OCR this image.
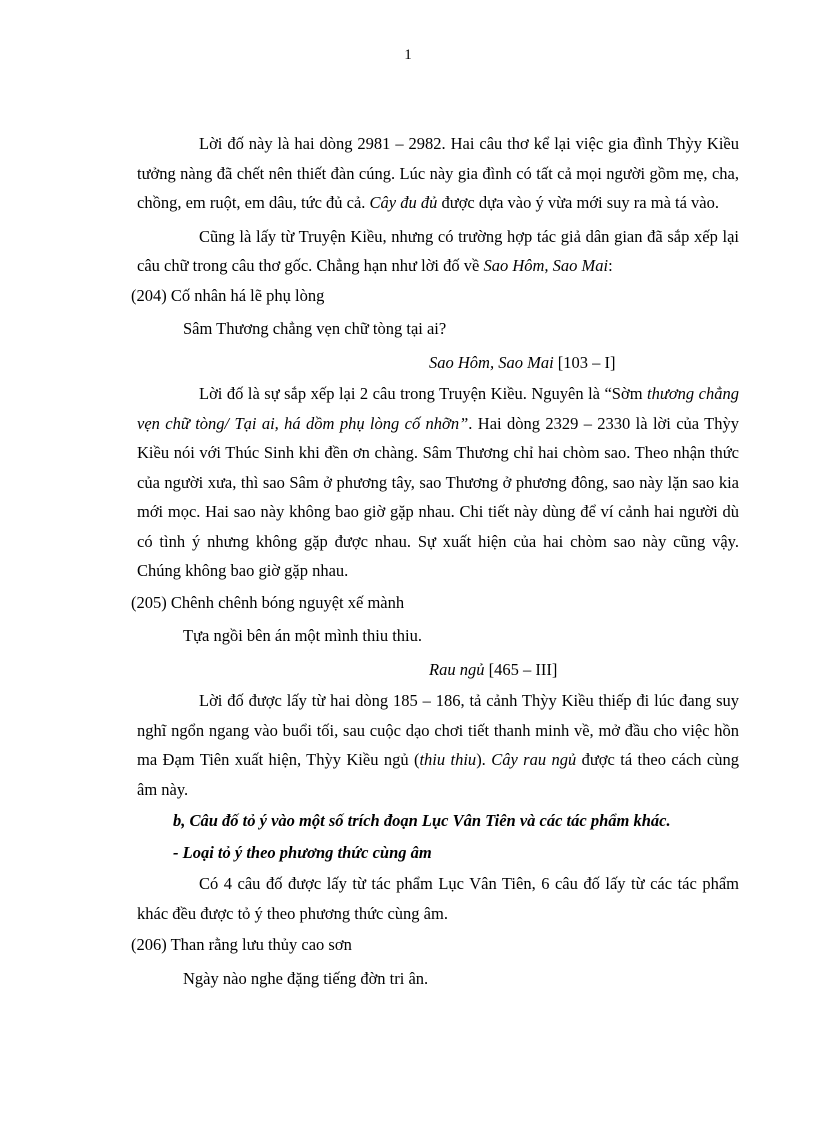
1

Lời đố này là hai dòng 2981 – 2982. Hai câu thơ kể lại việc gia đình Thỳy Kiều tưởng nàng đã chết nên thiết đàn cúng. Lúc này gia đình có tất cả mọi người gồm mẹ, cha, chồng, em ruột, em dâu, tức đủ cả. Cây đu đủ được dựa vào ý vừa mới suy ra mà tá vào.

Cũng là lấy từ Truyện Kiều, nhưng có trường hợp tác giả dân gian đã sắp xếp lại câu chữ trong câu thơ gốc. Chẳng hạn như lời đố về Sao Hôm, Sao Mai:

(204) Cố nhân há lẽ phụ lòng

Sâm Thương chẳng vẹn chữ tòng tại ai?

Sao Hôm, Sao Mai [103 – I]

Lời đố là sự sắp xếp lại 2 câu trong Truyện Kiều. Nguyên là “Sờm thương chẳng vẹn chữ tòng/ Tại ai, há dồm phụ lòng cố nhỡn”. Hai dòng 2329 – 2330 là lời của Thỳy Kiều nói với Thúc Sinh khi đền ơn chàng. Sâm Thương chỉ hai chòm sao. Theo nhận thức của người xưa, thì sao Sâm ở phương tây, sao Thương ở phương đông, sao này lặn sao kia mới mọc. Hai sao này không bao giờ gặp nhau. Chi tiết này dùng để ví cảnh hai người dù có tình ý nhưng không gặp được nhau. Sự xuất hiện của hai chòm sao này cũng vậy. Chúng không bao giờ gặp nhau.

(205) Chênh chênh bóng nguyệt xế mành

Tựa ngồi bên án một mình thiu thiu.

Rau ngủ [465 – III]

Lời đố được lấy từ hai dòng 185 – 186, tả cảnh Thỳy Kiều thiếp đi lúc đang suy nghĩ ngổn ngang vào buổi tối, sau cuộc dạo chơi tiết thanh minh về, mở đầu cho việc hồn ma Đạm Tiên xuất hiện, Thỳy Kiều ngủ (thiu thiu). Cây rau ngủ được tá theo cách cùng âm này.

b, Câu đố tỏ ý vào một số trích đoạn Lục Vân Tiên và các tác phẩm khác.

- Loại tỏ ý theo phương thức cùng âm

Có 4 câu đố được lấy từ tác phẩm Lục Vân Tiên, 6 câu đố lấy từ các tác phẩm khác đều được tỏ ý theo phương thức cùng âm.

(206) Than rằng lưu thủy cao sơn

Ngày nào nghe đặng tiếng đờn tri ân.
